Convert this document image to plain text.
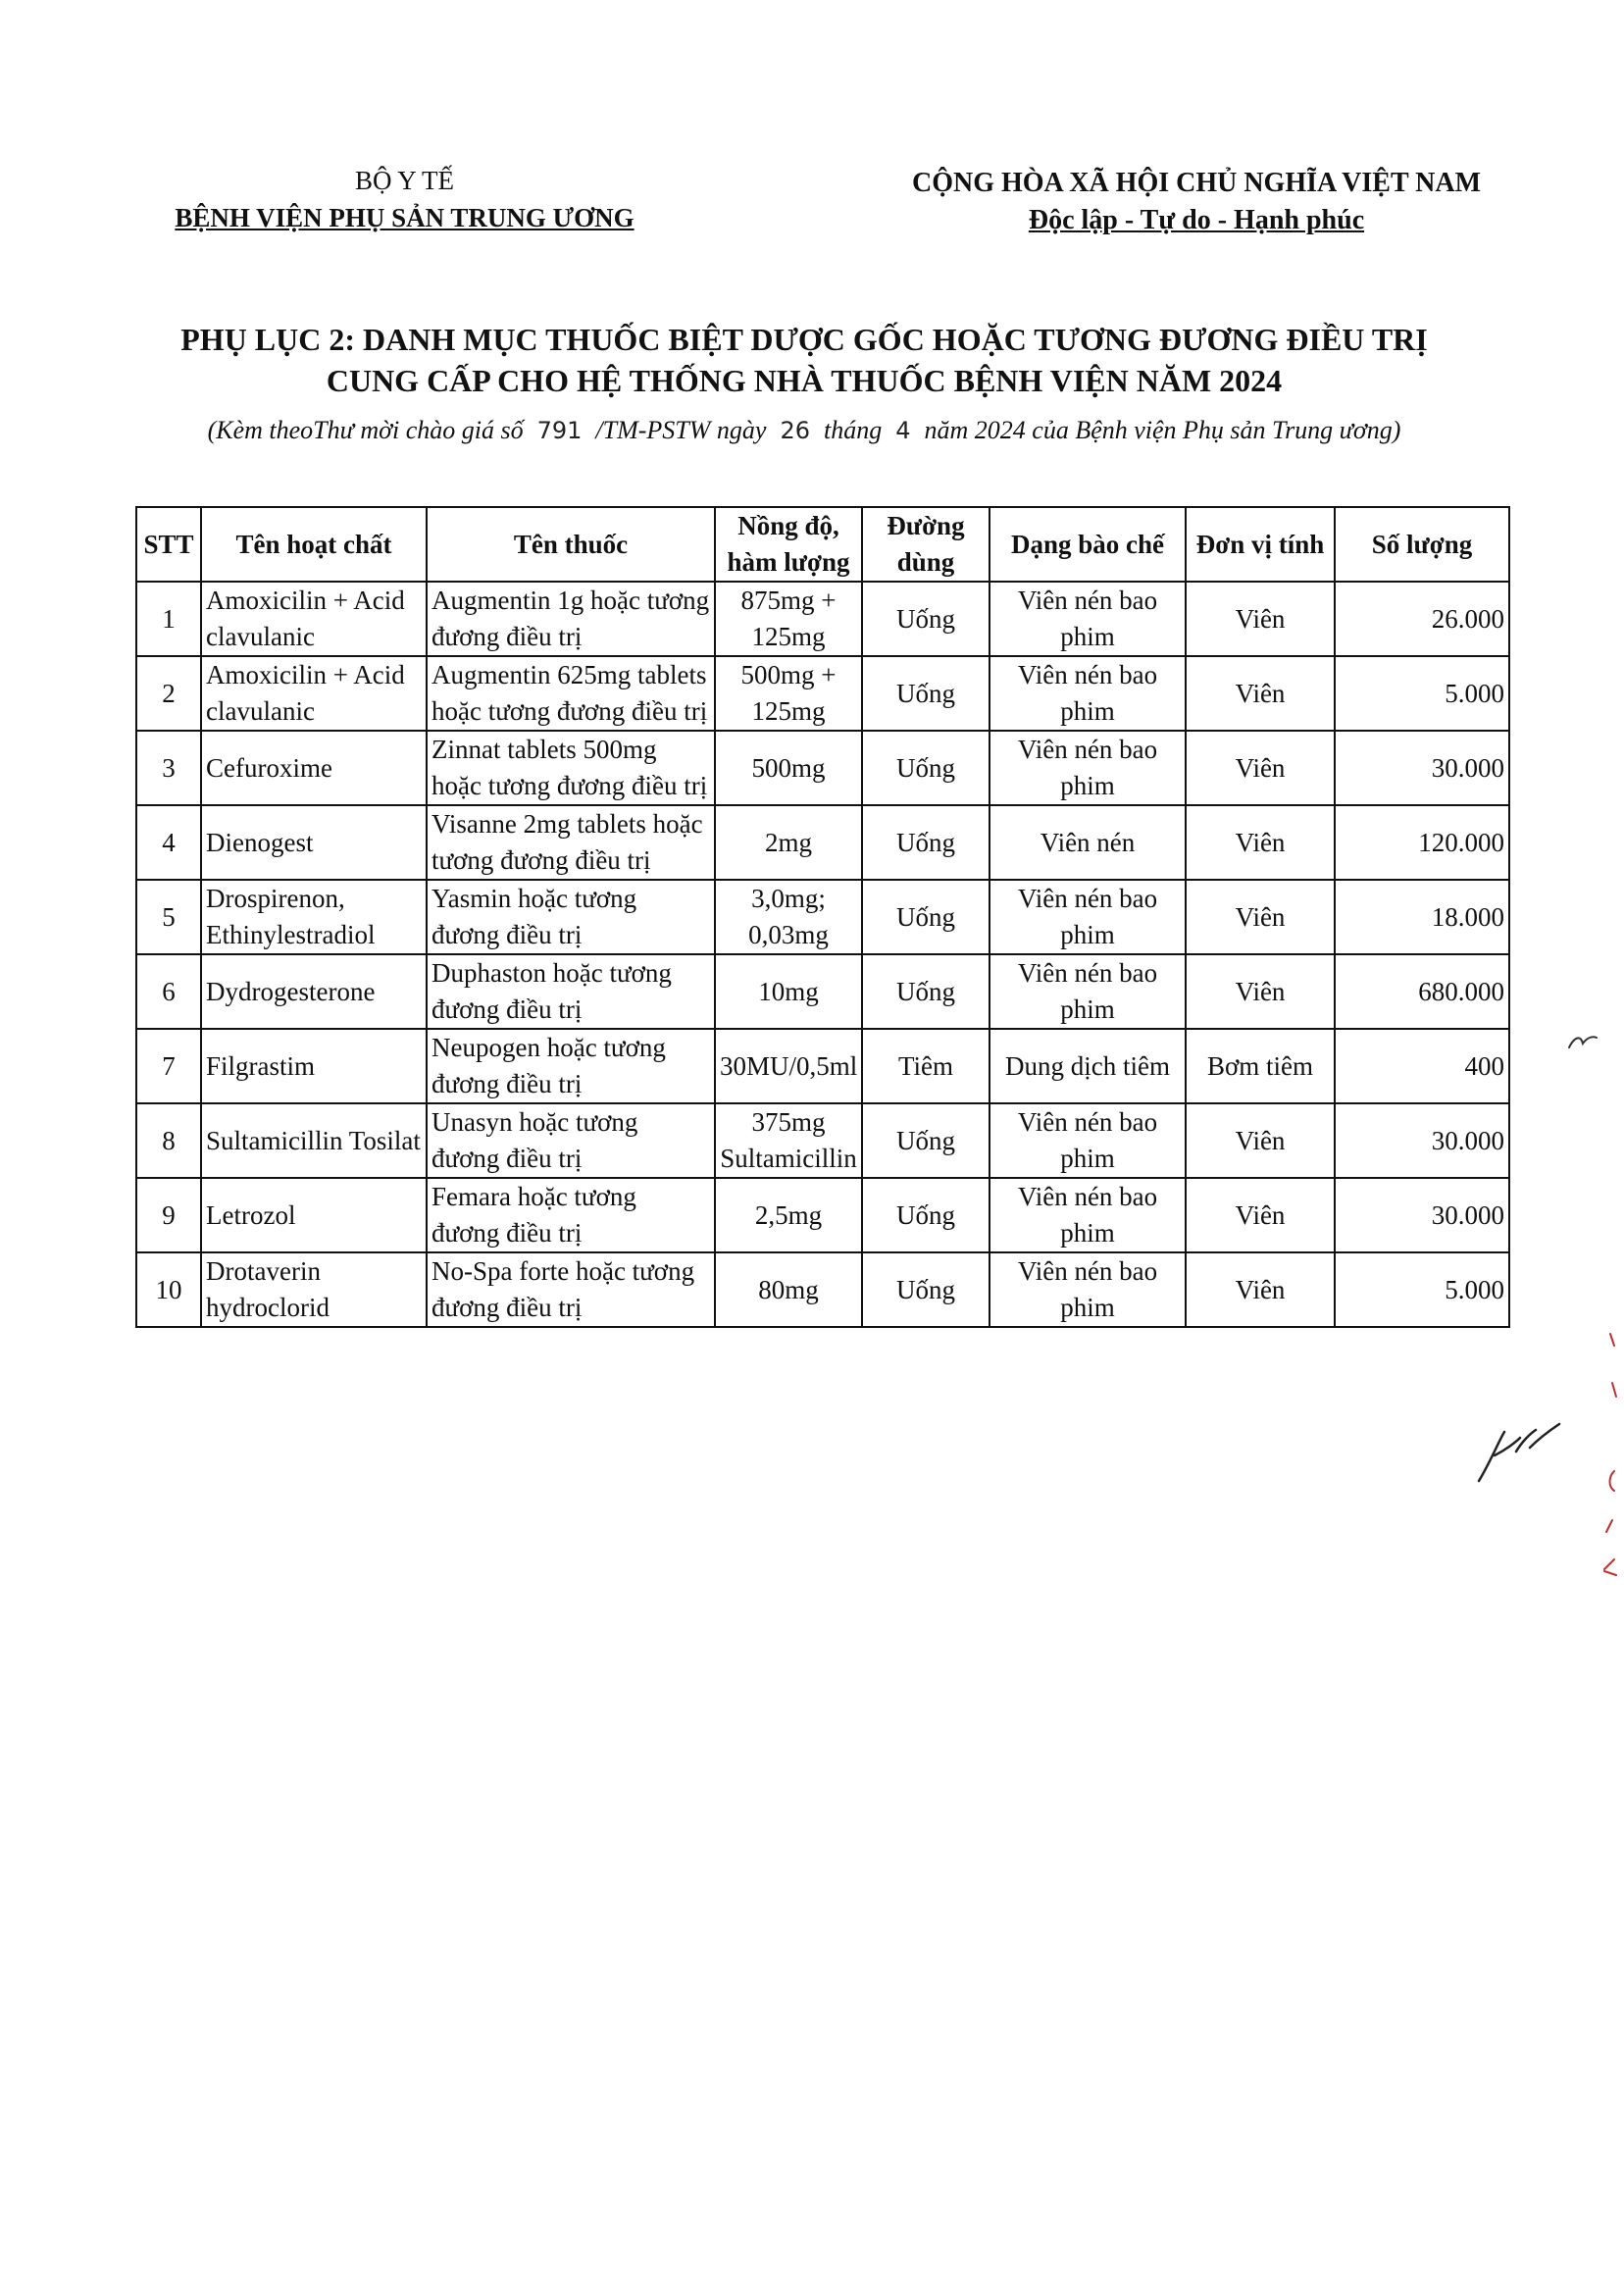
BỘ Y TẾ
BỆNH VIỆN PHỤ SẢN TRUNG ƯƠNG
CỘNG HÒA XÃ HỘI CHỦ NGHĨA VIỆT NAM
Độc lập - Tự do - Hạnh phúc
PHỤ LỤC 2: DANH MỤC THUỐC BIỆT DƯỢC GỐC HOẶC TƯƠNG ĐƯƠNG ĐIỀU TRỊ
CUNG CẤP CHO HỆ THỐNG NHÀ THUỐC BỆNH VIỆN NĂM 2024
(Kèm theoThư mời chào giá số 791 /TM-PSTW ngày 26 tháng 4 năm 2024 của Bệnh viện Phụ sản Trung ương)
STT	Tên hoạt chất	Tên thuốc	Nồng độ, hàm lượng	Đường dùng	Dạng bào chế	Đơn vị tính	Số lượng
1	Amoxicilin + Acid clavulanic	Augmentin 1g hoặc tương đương điều trị	875mg + 125mg	Uống	Viên nén bao phim	Viên	26.000
2	Amoxicilin + Acid clavulanic	Augmentin 625mg tablets hoặc tương đương điều trị	500mg + 125mg	Uống	Viên nén bao phim	Viên	5.000
3	Cefuroxime	Zinnat tablets 500mg hoặc tương đương điều trị	500mg	Uống	Viên nén bao phim	Viên	30.000
4	Dienogest	Visanne 2mg tablets hoặc tương đương điều trị	2mg	Uống	Viên nén	Viên	120.000
5	Drospirenon, Ethinylestradiol	Yasmin hoặc tương đương điều trị	3,0mg; 0,03mg	Uống	Viên nén bao phim	Viên	18.000
6	Dydrogesterone	Duphaston hoặc tương đương điều trị	10mg	Uống	Viên nén bao phim	Viên	680.000
7	Filgrastim	Neupogen hoặc tương đương điều trị	30MU/0,5ml	Tiêm	Dung dịch tiêm	Bơm tiêm	400
8	Sultamicillin Tosilat	Unasyn hoặc tương đương điều trị	375mg Sultamicillin	Uống	Viên nén bao phim	Viên	30.000
9	Letrozol	Femara hoặc tương đương điều trị	2,5mg	Uống	Viên nén bao phim	Viên	30.000
10	Drotaverin hydroclorid	No-Spa forte hoặc tương đương điều trị	80mg	Uống	Viên nén bao phim	Viên	5.000
